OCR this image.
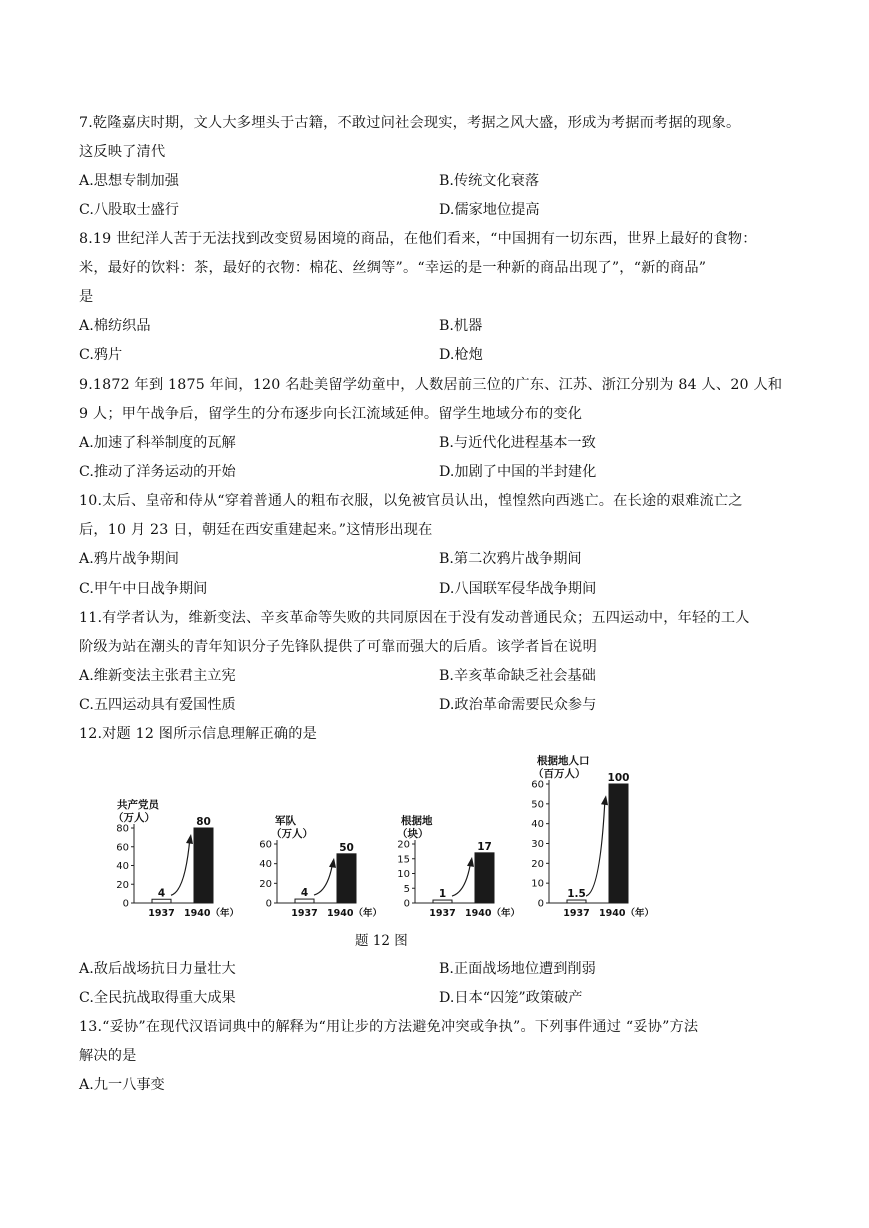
7.乾隆嘉庆时期，文人大多埋头于古籍，不敢过问社会现实，考据之风大盛，形成为考据而考据的现象。
这反映了清代
A.思想专制加强	B.传统文化衰落
C.八股取士盛行	D.儒家地位提高
8.19 世纪洋人苦于无法找到改变贸易困境的商品，在他们看来，“中国拥有一切东西，世界上最好的食物：
米，最好的饮料：茶，最好的衣物：棉花、丝绸等”。“幸运的是一种新的商品出现了”，“新的商品”
是
A.棉纺织品	B.机器
C.鸦片	D.枪炮
9.1872 年到 1875 年间，120 名赴美留学幼童中，人数居前三位的广东、江苏、浙江分别为 84 人、20 人和
9 人；甲午战争后，留学生的分布逐步向长江流域延伸。留学生地域分布的变化
A.加速了科举制度的瓦解	B.与近代化进程基本一致
C.推动了洋务运动的开始	D.加剧了中国的半封建化
10.太后、皇帝和侍从“穿着普通人的粗布衣服，以免被官员认出，惶惶然向西逃亡。在长途的艰难流亡之
后，10 月 23 日，朝廷在西安重建起来。”这情形出现在
A.鸦片战争期间	B.第二次鸦片战争期间
C.甲午中日战争期间	D.八国联军侵华战争期间
11.有学者认为，维新变法、辛亥革命等失败的共同原因在于没有发动普通民众；五四运动中，年轻的工人
阶级为站在潮头的青年知识分子先锋队提供了可靠而强大的后盾。该学者旨在说明
A.维新变法主张君主立宪	B.辛亥革命缺乏社会基础
C.五四运动具有爱国性质	D.政治革命需要民众参与
12.对题 12 图所示信息理解正确的是
共产党员
（万人）
0
20
40
60
80
4
1937
80
1940（年）
军队
（万人）
0
20
40
60
4
1937
50
1940（年）
根据地
（块）
0
5
10
15
20
1
1937
17
1940（年）
根据地人口
（百万人）
0
10
20
30
40
50
60
1.5
1937
100
1940（年）
题 12 图
A.敌后战场抗日力量壮大	B.正面战场地位遭到削弱
C.全民抗战取得重大成果	D.日本“囚笼”政策破产
13.“妥协”在现代汉语词典中的解释为“用让步的方法避免冲突或争执”。下列事件通过 “妥协”方法
解决的是
A.九一八事变
